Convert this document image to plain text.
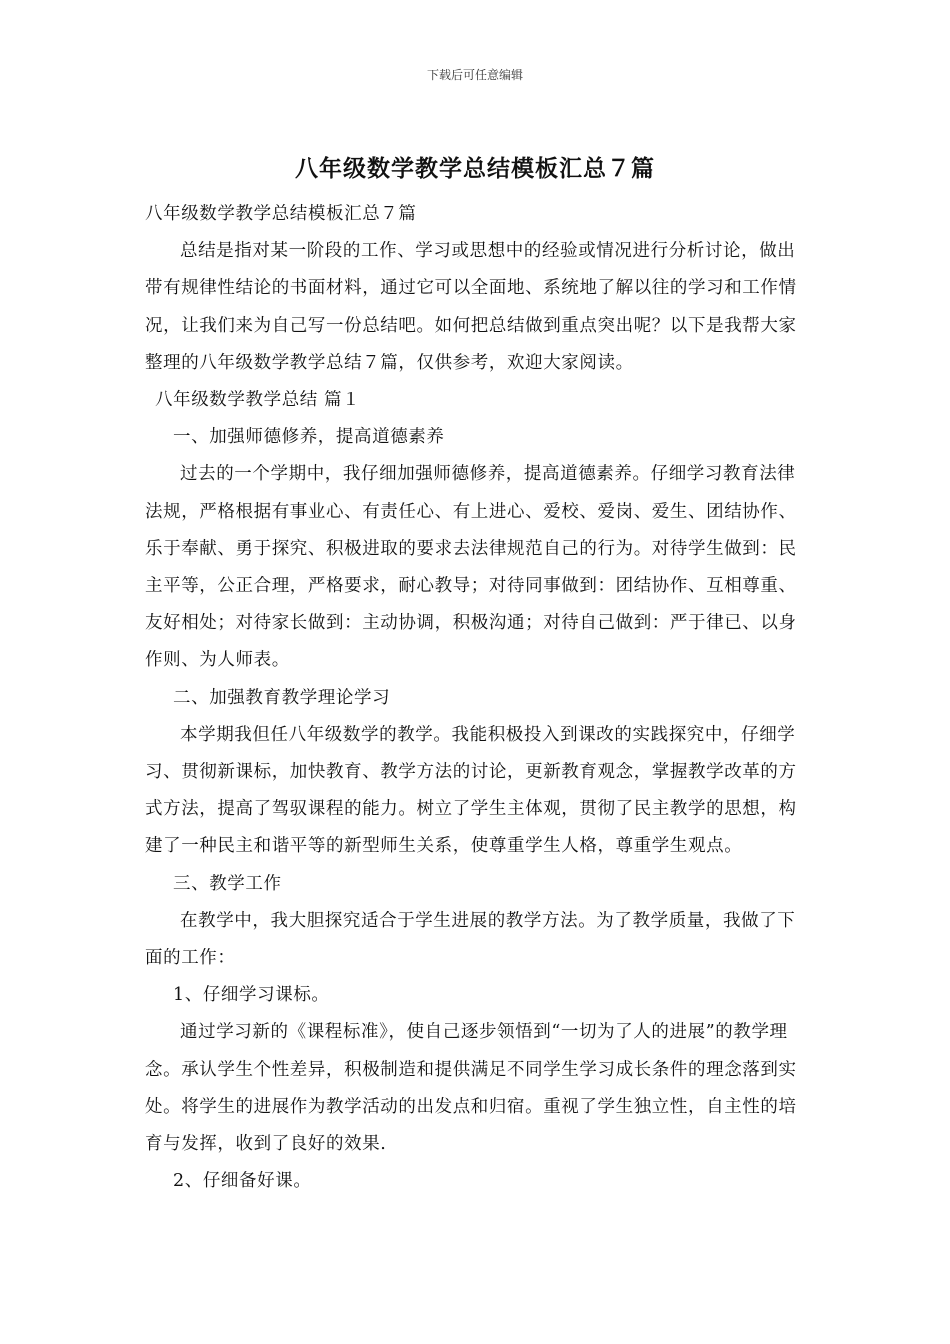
下载后可任意编辑
八年级数学教学总结模板汇总７篇

八年级数学教学总结模板汇总７篇

总结是指对某一阶段的工作、学习或思想中的经验或情况进行分析讨论，做出带有规律性结论的书面材料，通过它可以全面地、系统地了解以往的学习和工作情况，让我们来为自己写一份总结吧。如何把总结做到重点突出呢？以下是我帮大家整理的八年级数学教学总结７篇，仅供参考，欢迎大家阅读。

八年级数学教学总结 篇１

一、加强师德修养，提高道德素养

过去的一个学期中，我仔细加强师德修养，提高道德素养。仔细学习教育法律法规，严格根据有事业心、有责任心、有上进心、爱校、爱岗、爱生、团结协作、乐于奉献、勇于探究、积极进取的要求去法律规范自己的行为。对待学生做到：民主平等，公正合理，严格要求，耐心教导；对待同事做到：团结协作、互相尊重、友好相处；对待家长做到：主动协调，积极沟通；对待自己做到：严于律已、以身作则、为人师表。

二、加强教育教学理论学习

本学期我但任八年级数学的教学。我能积极投入到课改的实践探究中，仔细学习、贯彻新课标，加快教育、教学方法的讨论，更新教育观念，掌握教学改革的方式方法，提高了驾驭课程的能力。树立了学生主体观，贯彻了民主教学的思想，构建了一种民主和谐平等的新型师生关系，使尊重学生人格，尊重学生观点。

三、教学工作

在教学中，我大胆探究适合于学生进展的教学方法。为了教学质量，我做了下面的工作：

1、仔细学习课标。

通过学习新的《课程标准》，使自己逐步领悟到“一切为了人的进展”的教学理念。承认学生个性差异，积极制造和提供满足不同学生学习成长条件的理念落到实处。将学生的进展作为教学活动的出发点和归宿。重视了学生独立性，自主性的培育与发挥，收到了良好的效果.

2、仔细备好课。
